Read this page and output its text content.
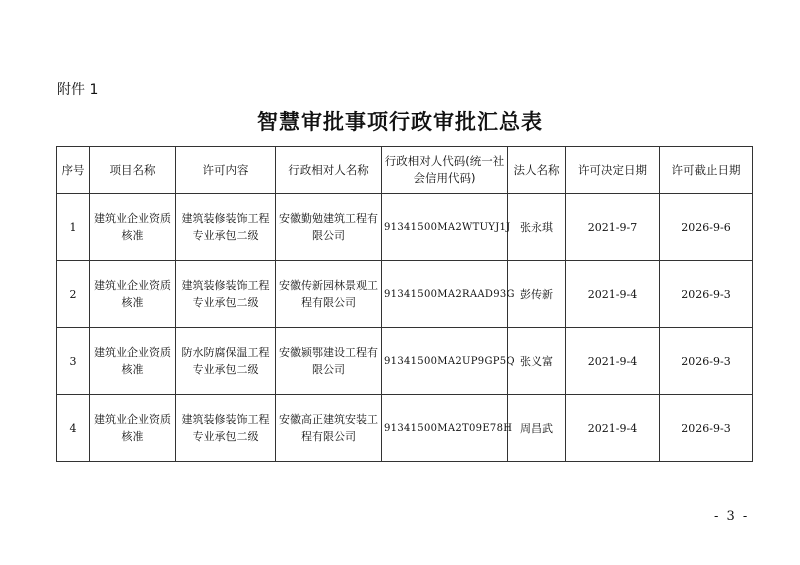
附件 1
智慧审批事项行政审批汇总表
序号	项目名称	许可内容	行政相对人名称	行政相对人代码(统一社会信用代码)	法人名称	许可决定日期	许可截止日期
1	建筑业企业资质核准	建筑装修装饰工程专业承包二级	安徽勤勉建筑工程有限公司	91341500MA2WTUYJ1J	张永琪	2021-9-7	2026-9-6
2	建筑业企业资质核准	建筑装修装饰工程专业承包二级	安徽传新园林景观工程有限公司	91341500MA2RAAD93G	彭传新	2021-9-4	2026-9-3
3	建筑业企业资质核准	防水防腐保温工程专业承包二级	安徽颍鄂建设工程有限公司	91341500MA2UP9GP5Q	张义富	2021-9-4	2026-9-3
4	建筑业企业资质核准	建筑装修装饰工程专业承包二级	安徽高正建筑安装工程有限公司	91341500MA2T09E78H	周昌武	2021-9-4	2026-9-3
- 3 -
